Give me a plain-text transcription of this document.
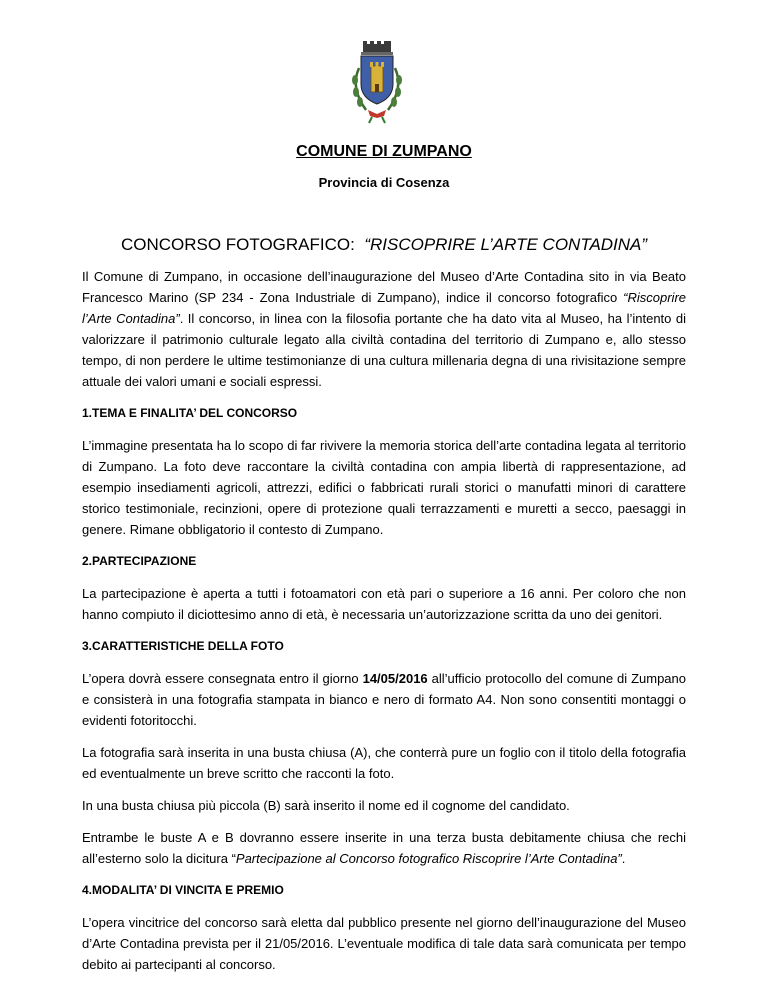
COMUNE DI ZUMPANO
Provincia di Cosenza
CONCORSO FOTOGRAFICO: “RISCOPRIRE L’ARTE CONTADINA”

Il Comune di Zumpano, in occasione dell’inaugurazione del Museo d’Arte Contadina sito in via Beato Francesco Marino (SP 234 - Zona Industriale di Zumpano), indice il concorso fotografico “Riscoprire l’Arte Contadina”. Il concorso, in linea con la filosofia portante che ha dato vita al Museo, ha l’intento di valorizzare il patrimonio culturale legato alla civiltà contadina del territorio di Zumpano e, allo stesso tempo, di non perdere le ultime testimonianze di una cultura millenaria degna di una rivisitazione sempre attuale dei valori umani e sociali espressi.

1.TEMA E FINALITA’ DEL CONCORSO

L’immagine presentata ha lo scopo di far rivivere la memoria storica dell’arte contadina legata al territorio di Zumpano. La foto deve raccontare la civiltà contadina con ampia libertà di rappresentazione, ad esempio insediamenti agricoli, attrezzi, edifici o fabbricati rurali storici o manufatti minori di carattere storico testimoniale, recinzioni, opere di protezione quali terrazzamenti e muretti a secco, paesaggi in genere. Rimane obbligatorio il contesto di Zumpano.

2.PARTECIPAZIONE

La partecipazione è aperta a tutti i fotoamatori con età pari o superiore a 16 anni. Per coloro che non hanno compiuto il diciottesimo anno di età, è necessaria un’autorizzazione scritta da uno dei genitori.

3.CARATTERISTICHE DELLA FOTO

L’opera dovrà essere consegnata entro il giorno 14/05/2016 all’ufficio protocollo del comune di Zumpano e consisterà in una fotografia stampata in bianco e nero di formato A4. Non sono consentiti montaggi o evidenti fotoritocchi.

La fotografia sarà inserita in una busta chiusa (A), che conterrà pure un foglio con il titolo della fotografia ed eventualmente un breve scritto che racconti la foto.

In una busta chiusa più piccola (B) sarà inserito il nome ed il cognome del candidato.

Entrambe le buste A e B dovranno essere inserite in una terza busta debitamente chiusa che rechi all’esterno solo la dicitura “Partecipazione al Concorso fotografico Riscoprire l’Arte Contadina”.

4.MODALITA’ DI VINCITA E PREMIO

L’opera vincitrice del concorso sarà eletta dal pubblico presente nel giorno dell’inaugurazione del Museo d’Arte Contadina prevista per il 21/05/2016. L’eventuale modifica di tale data sarà comunicata per tempo debito ai partecipanti al concorso.
